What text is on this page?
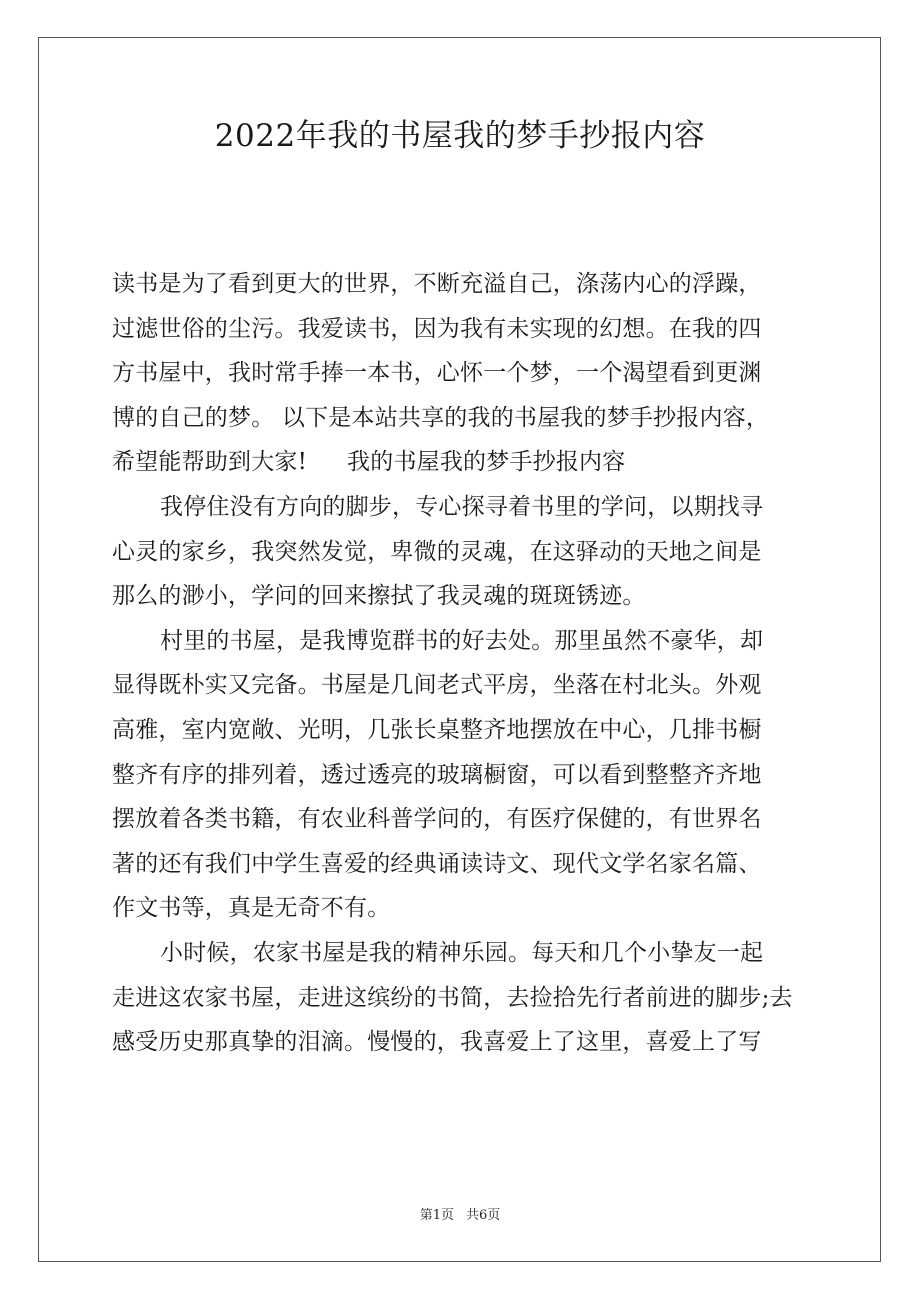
2022年我的书屋我的梦手抄报内容
读书是为了看到更大的世界，不断充溢自己，涤荡内心的浮躁，
过滤世俗的尘污。我爱读书，因为我有未实现的幻想。在我的四
方书屋中，我时常手捧一本书，心怀一个梦，一个渴望看到更渊
博的自己的梦。 以下是本站共享的我的书屋我的梦手抄报内容，
希望能帮助到大家! 我的书屋我的梦手抄报内容
我停住没有方向的脚步，专心探寻着书里的学问，以期找寻
心灵的家乡，我突然发觉，卑微的灵魂，在这驿动的天地之间是
那么的渺小，学问的回来擦拭了我灵魂的斑斑锈迹。
村里的书屋，是我博览群书的好去处。那里虽然不豪华，却
显得既朴实又完备。书屋是几间老式平房，坐落在村北头。外观
高雅，室内宽敞、光明，几张长桌整齐地摆放在中心，几排书橱
整齐有序的排列着，透过透亮的玻璃橱窗，可以看到整整齐齐地
摆放着各类书籍，有农业科普学问的，有医疗保健的，有世界名
著的还有我们中学生喜爱的经典诵读诗文、现代文学名家名篇、
作文书等，真是无奇不有。
小时候，农家书屋是我的精神乐园。每天和几个小挚友一起
走进这农家书屋，走进这缤纷的书简，去捡拾先行者前进的脚步;去
感受历史那真挚的泪滴。慢慢的，我喜爱上了这里，喜爱上了写
第1页 共6页
